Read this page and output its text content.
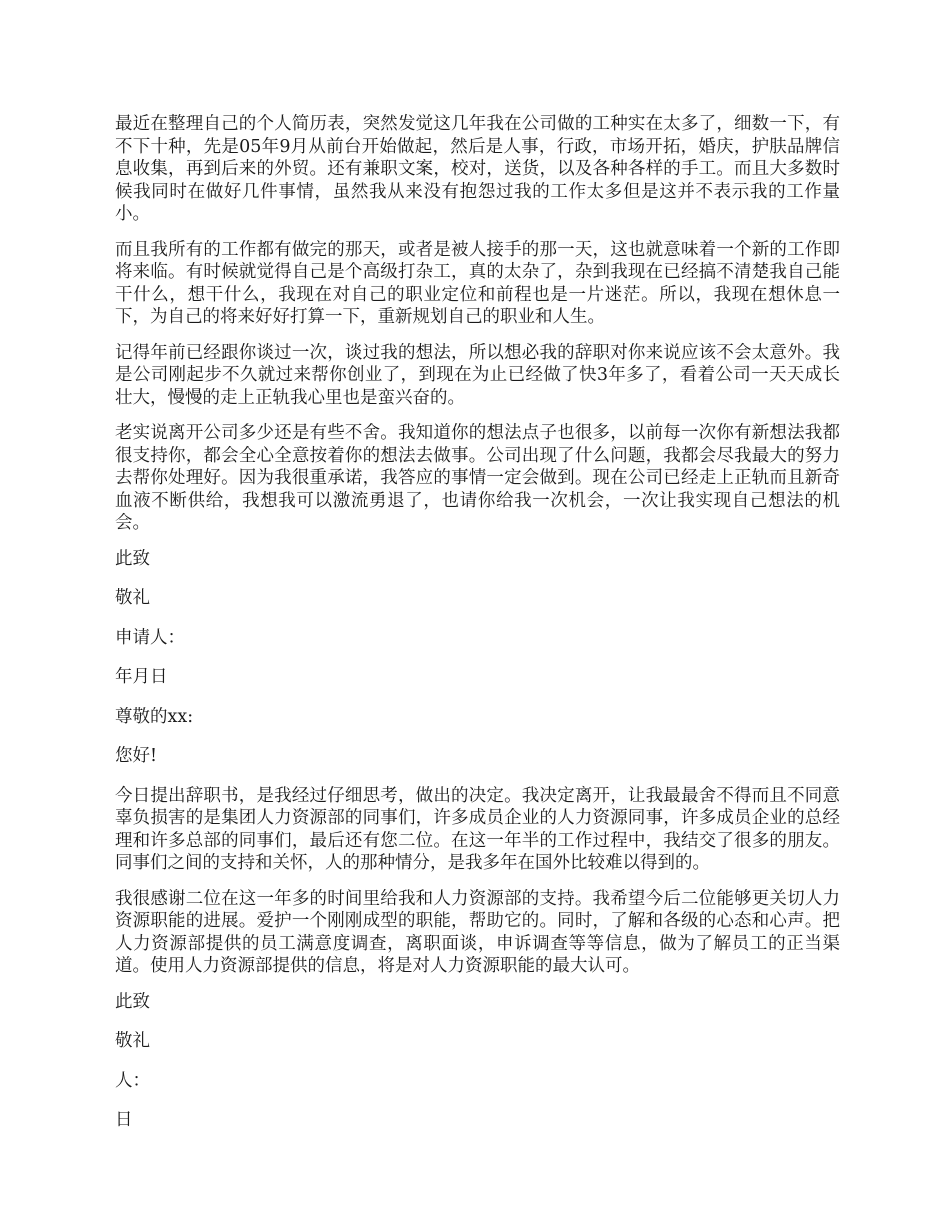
最近在整理自己的个人简历表，突然发觉这几年我在公司做的工种实在太多了，细数一下，有不下十种，先是05年9月从前台开始做起，然后是人事，行政，市场开拓，婚庆，护肤品牌信息收集，再到后来的外贸。还有兼职文案，校对，送货，以及各种各样的手工。而且大多数时候我同时在做好几件事情，虽然我从来没有抱怨过我的工作太多但是这并不表示我的工作量小。

而且我所有的工作都有做完的那天，或者是被人接手的那一天，这也就意味着一个新的工作即将来临。有时候就觉得自己是个高级打杂工，真的太杂了，杂到我现在已经搞不清楚我自己能干什么，想干什么，我现在对自己的职业定位和前程也是一片迷茫。所以，我现在想休息一下，为自己的将来好好打算一下，重新规划自己的职业和人生。

记得年前已经跟你谈过一次，谈过我的想法，所以想必我的辞职对你来说应该不会太意外。我是公司刚起步不久就过来帮你创业了，到现在为止已经做了快3年多了，看着公司一天天成长壮大，慢慢的走上正轨我心里也是蛮兴奋的。

老实说离开公司多少还是有些不舍。我知道你的想法点子也很多，以前每一次你有新想法我都很支持你，都会全心全意按着你的想法去做事。公司出现了什么问题，我都会尽我最大的努力去帮你处理好。因为我很重承诺，我答应的事情一定会做到。现在公司已经走上正轨而且新奇血液不断供给，我想我可以激流勇退了，也请你给我一次机会，一次让我实现自己想法的机会。

此致

敬礼

申请人：

年月日

尊敬的xx:

您好!

今日提出辞职书，是我经过仔细思考，做出的决定。我决定离开，让我最最舍不得而且不同意辜负损害的是集团人力资源部的同事们，许多成员企业的人力资源同事，许多成员企业的总经理和许多总部的同事们，最后还有您二位。在这一年半的工作过程中，我结交了很多的朋友。同事们之间的支持和关怀，人的那种情分，是我多年在国外比较难以得到的。

我很感谢二位在这一年多的时间里给我和人力资源部的支持。我希望今后二位能够更关切人力资源职能的进展。爱护一个刚刚成型的职能，帮助它的。同时，了解和各级的心态和心声。把人力资源部提供的员工满意度调查，离职面谈，申诉调查等等信息，做为了解员工的正当渠道。使用人力资源部提供的信息，将是对人力资源职能的最大认可。

此致

敬礼

人：

日
